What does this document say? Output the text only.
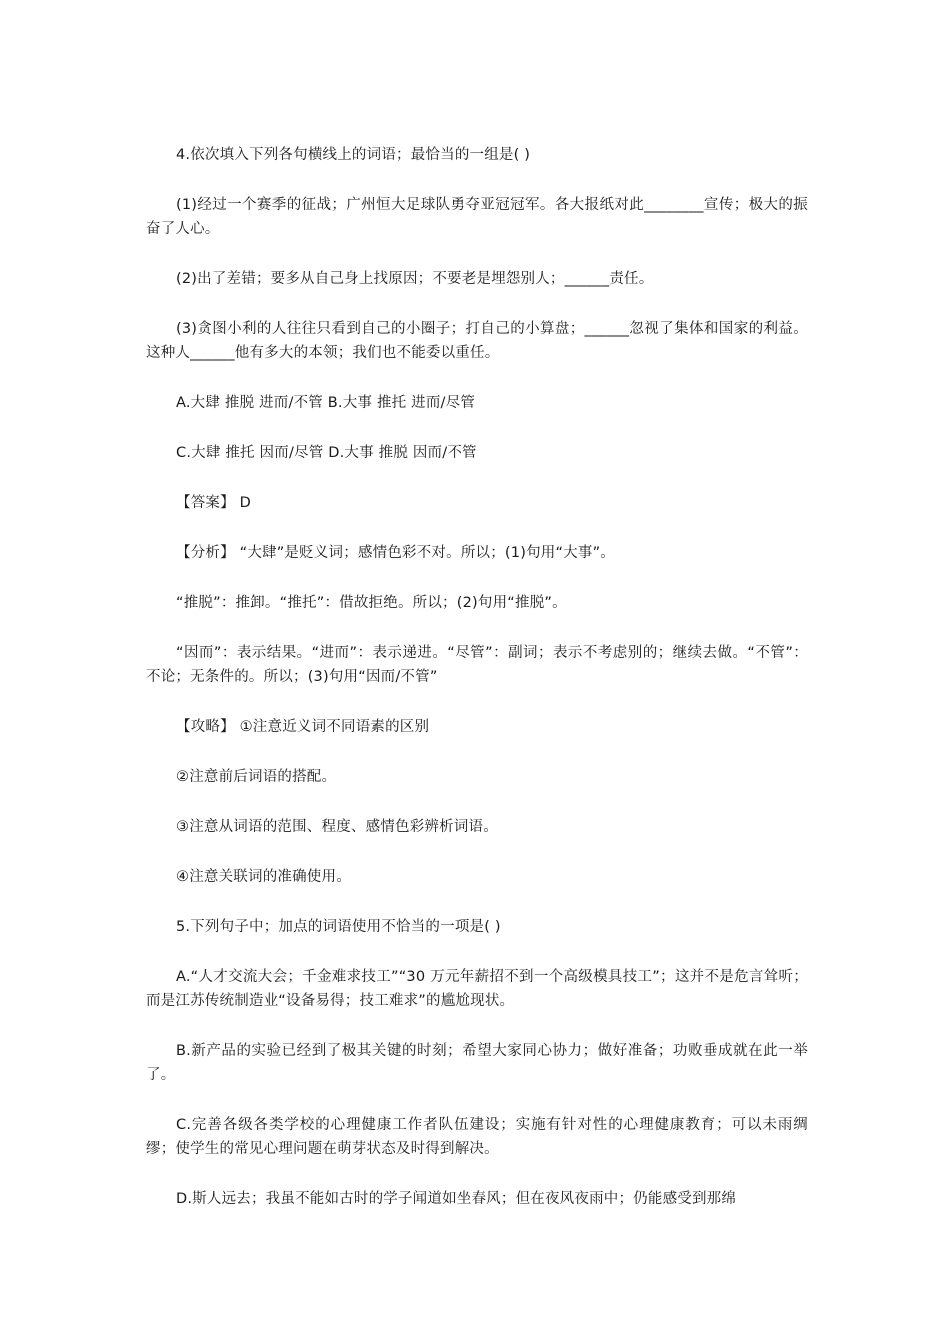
4.依次填入下列各句横线上的词语；最恰当的一组是( )

(1)经过一个赛季的征战；广州恒大足球队勇夺亚冠冠军。各大报纸对此________宣传；极大的振奋了人心。

(2)出了差错；要多从自己身上找原因；不要老是埋怨别人；______责任。

(3)贪图小利的人往往只看到自己的小圈子；打自己的小算盘；______忽视了集体和国家的利益。这种人______他有多大的本领；我们也不能委以重任。

A.大肆 推脱 进而/不管 B.大事 推托 进而/尽管

C.大肆 推托 因而/尽管 D.大事 推脱 因而/不管

【答案】 D

【分析】 “大肆”是贬义词；感情色彩不对。所以；(1)句用“大事”。

“推脱”：推卸。“推托”：借故拒绝。所以；(2)句用“推脱”。

“因而”：表示结果。“进而”：表示递进。“尽管”：副词；表示不考虑别的；继续去做。“不管”：不论；无条件的。所以；(3)句用“因而/不管”

【攻略】 ①注意近义词不同语素的区别

②注意前后词语的搭配。

③注意从词语的范围、程度、感情色彩辨析词语。

④注意关联词的准确使用。

5.下列句子中；加点的词语使用不恰当的一项是( )

A.“人才交流大会；千金难求技工”“30 万元年薪招不到一个高级模具技工”；这并不是危言耸听；而是江苏传统制造业“设备易得；技工难求”的尴尬现状。

B.新产品的实验已经到了极其关键的时刻；希望大家同心协力；做好准备；功败垂成就在此一举了。

C.完善各级各类学校的心理健康工作者队伍建设；实施有针对性的心理健康教育；可以未雨绸缪；使学生的常见心理问题在萌芽状态及时得到解决。

D.斯人远去；我虽不能如古时的学子闻道如坐春风；但在夜风夜雨中；仍能感受到那绵
